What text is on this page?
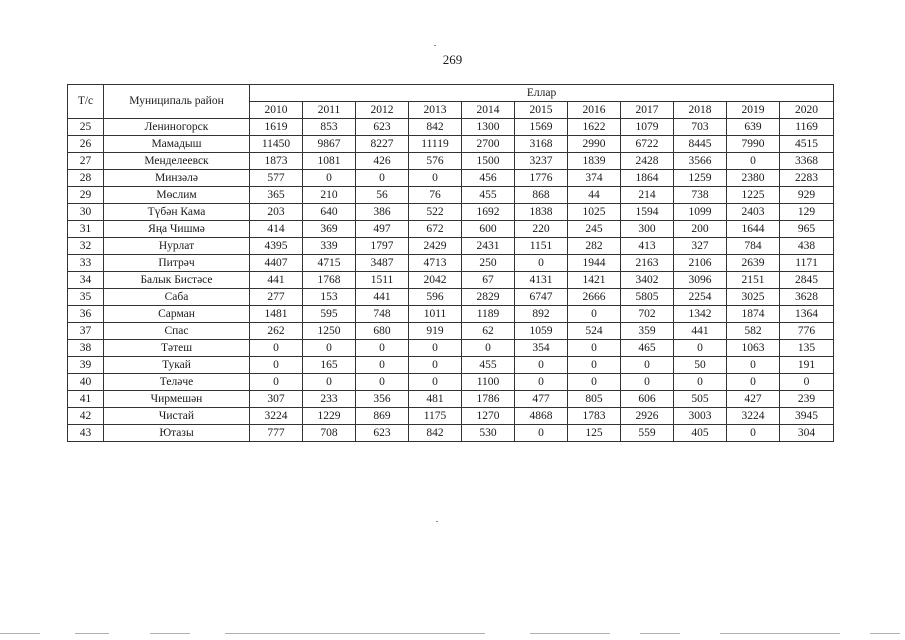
269
Т/с	Муниципаль район	Еллар										
		2010	2011	2012	2013	2014	2015	2016	2017	2018	2019	2020
25	Лениногорск	1619	853	623	842	1300	1569	1622	1079	703	639	1169
26	Мамадыш	11450	9867	8227	11119	2700	3168	2990	6722	8445	7990	4515
27	Менделеевск	1873	1081	426	576	1500	3237	1839	2428	3566	0	3368
28	Минзәлә	577	0	0	0	456	1776	374	1864	1259	2380	2283
29	Мөслим	365	210	56	76	455	868	44	214	738	1225	929
30	Түбән Кама	203	640	386	522	1692	1838	1025	1594	1099	2403	129
31	Яңа Чишмә	414	369	497	672	600	220	245	300	200	1644	965
32	Нурлат	4395	339	1797	2429	2431	1151	282	413	327	784	438
33	Питрәч	4407	4715	3487	4713	250	0	1944	2163	2106	2639	1171
34	Балык Бистәсе	441	1768	1511	2042	67	4131	1421	3402	3096	2151	2845
35	Саба	277	153	441	596	2829	6747	2666	5805	2254	3025	3628
36	Сарман	1481	595	748	1011	1189	892	0	702	1342	1874	1364
37	Спас	262	1250	680	919	62	1059	524	359	441	582	776
38	Тәтеш	0	0	0	0	0	354	0	465	0	1063	135
39	Тукай	0	165	0	0	455	0	0	0	50	0	191
40	Теләче	0	0	0	0	1100	0	0	0	0	0	0
41	Чирмешән	307	233	356	481	1786	477	805	606	505	427	239
42	Чистай	3224	1229	869	1175	1270	4868	1783	2926	3003	3224	3945
43	Ютазы	777	708	623	842	530	0	125	559	405	0	304
